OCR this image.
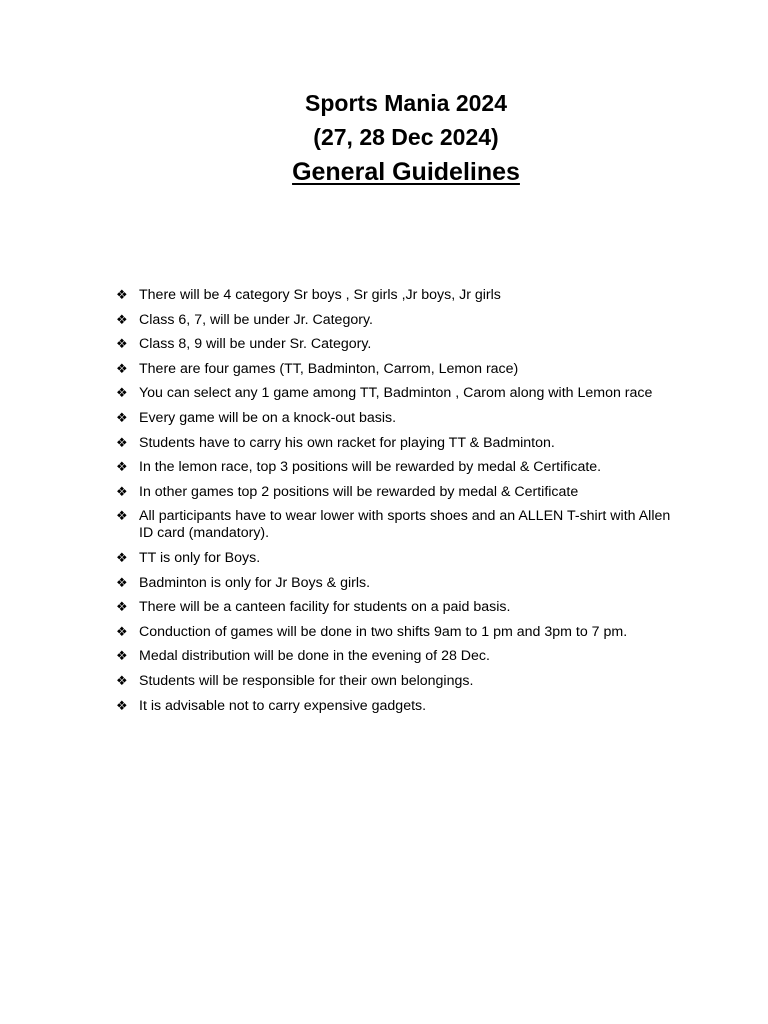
Sports Mania 2024
(27, 28 Dec 2024)
General Guidelines
❖ There will be 4 category Sr boys , Sr girls ,Jr boys, Jr girls
❖ Class 6, 7, will be under Jr. Category.
❖ Class 8, 9 will be under Sr. Category.
❖ There are four games (TT, Badminton, Carrom, Lemon race)
❖ You can select any 1 game among TT, Badminton , Carom along with Lemon race
❖ Every game will be on a knock-out basis.
❖ Students have to carry his own racket for playing TT & Badminton.
❖ In the lemon race, top 3 positions will be rewarded by medal & Certificate.
❖ In other games top 2 positions will be rewarded by medal & Certificate
❖ All participants have to wear lower with sports shoes and an ALLEN T-shirt with Allen ID card (mandatory).
❖ TT is only for Boys.
❖ Badminton is only for Jr Boys & girls.
❖ There will be a canteen facility for students on a paid basis.
❖ Conduction of games will be done in two shifts 9am to 1 pm and 3pm to 7 pm.
❖ Medal distribution will be done in the evening of 28 Dec.
❖ Students will be responsible for their own belongings.
❖ It is advisable not to carry expensive gadgets.
